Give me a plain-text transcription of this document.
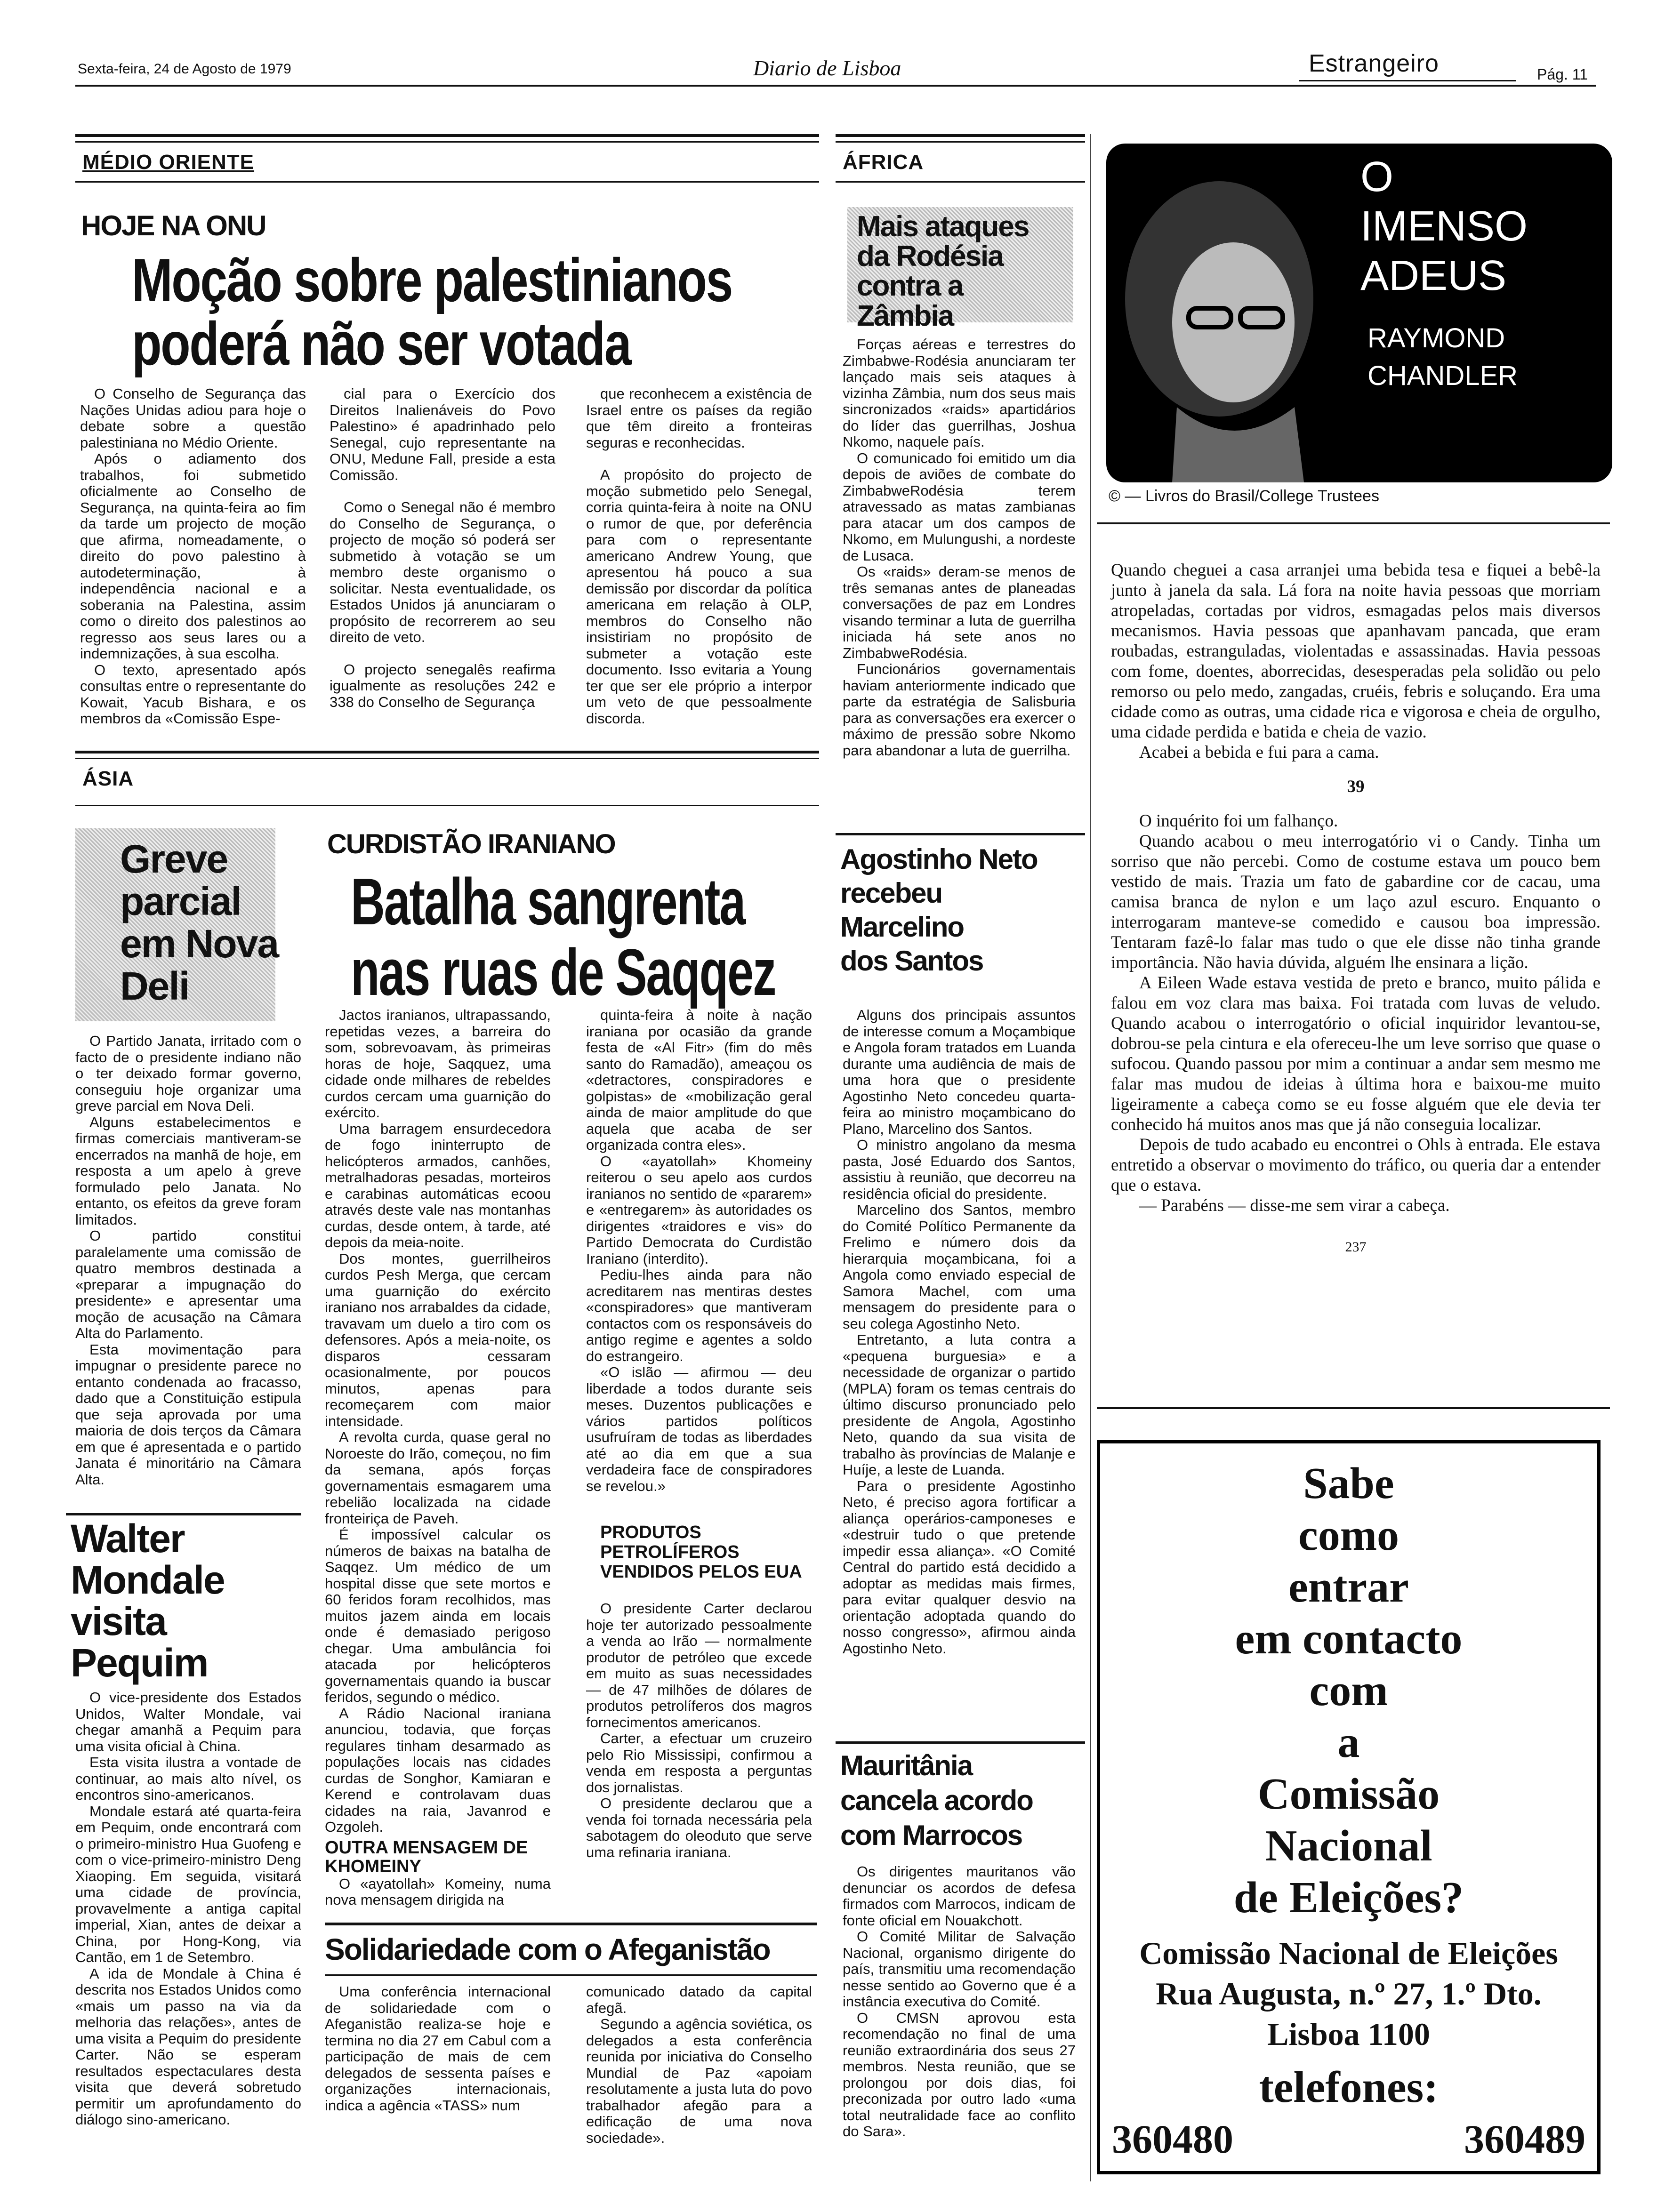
Sexta-feira, 24 de Agosto de 1979	Diario de Lisboa	Estrangeiro	Pág. 11
MÉDIO ORIENTE
HOJE NA ONU
Moção sobre palestinianos
poderá não ser votada

O Conselho de Segurança das Nações Unidas adiou para hoje o debate sobre a questão palestiniana no Médio Oriente.

Após o adiamento dos trabalhos, foi submetido oficialmente ao Conselho de Segurança, na quinta-feira ao fim da tarde um projecto de moção que afirma, nomeadamente, o direito do povo palestino à autodeterminação, à independência nacional e a soberania na Palestina, assim como o direito dos palestinos ao regresso aos seus lares ou a indemnizações, à sua escolha.

O texto, apresentado após consultas entre o representante do Kowait, Yacub Bishara, e os membros da «Comissão Espe-

cial para o Exercício dos Direitos Inalienáveis do Povo Palestino» é apadrinhado pelo Senegal, cujo representante na ONU, Medune Fall, preside a esta Comissão.

Como o Senegal não é membro do Conselho de Segurança, o projecto de moção só poderá ser submetido à votação se um membro deste organismo o solicitar. Nesta eventualidade, os Estados Unidos já anunciaram o propósito de recorrerem ao seu direito de veto.

O projecto senegalês reafirma igualmente as resoluções 242 e 338 do Conselho de Segurança

que reconhecem a existência de Israel entre os países da região que têm direito a fronteiras seguras e reconhecidas.

A propósito do projecto de moção submetido pelo Senegal, corria quinta-feira à noite na ONU o rumor de que, por deferência para com o representante americano Andrew Young, que apresentou há pouco a sua demissão por discordar da política americana em relação à OLP, membros do Conselho não insistiriam no propósito de submeter a votação este documento. Isso evitaria a Young ter que ser ele próprio a interpor um veto de que pessoalmente discorda.

ÁFRICA
Mais ataques da Rodésia contra a Zâmbia

Forças aéreas e terrestres do Zimbabwe-Rodésia anunciaram ter lançado mais seis ataques à vizinha Zâmbia, num dos seus mais sincronizados «raids» apartidários do líder das guerrilhas, Joshua Nkomo, naquele país.

O comunicado foi emitido um dia depois de aviões de combate do ZimbabweRodésia terem atravessado as matas zambianas para atacar um dos campos de Nkomo, em Mulungushi, a nordeste de Lusaca.

Os «raids» deram-se menos de três semanas antes de planeadas conversações de paz em Londres visando terminar a luta de guerrilha iniciada há sete anos no ZimbabweRodésia.

Funcionários governamentais haviam anteriormente indicado que parte da estratégia de Salisburia para as conversações era exercer o máximo de pressão sobre Nkomo para abandonar a luta de guerrilha.

O
IMENSO
ADEUS
RAYMOND
CHANDLER
© — Livros do Brasil/College Trustees

Quando cheguei a casa arranjei uma bebida tesa e fiquei a bebê-la junto à janela da sala. Lá fora na noite havia pessoas que morriam atropeladas, cortadas por vidros, esmagadas pelos mais diversos mecanismos. Havia pessoas que apanhavam pancada, que eram roubadas, estranguladas, violentadas e assassinadas. Havia pessoas com fome, doentes, aborrecidas, desesperadas pela solidão ou pelo remorso ou pelo medo, zangadas, cruéis, febris e soluçando. Era uma cidade como as outras, uma cidade rica e vigorosa e cheia de orgulho, uma cidade perdida e batida e cheia de vazio.

Acabei a bebida e fui para a cama.

39

O inquérito foi um falhanço.

Quando acabou o meu interrogatório vi o Candy. Tinha um sorriso que não percebi. Como de costume estava um pouco bem vestido de mais. Trazia um fato de gabardine cor de cacau, uma camisa branca de nylon e um laço azul escuro. Enquanto o interrogaram manteve-se comedido e causou boa impressão. Tentaram fazê-lo falar mas tudo o que ele disse não tinha grande importância. Não havia dúvida, alguém lhe ensinara a lição.

A Eileen Wade estava vestida de preto e branco, muito pálida e falou em voz clara mas baixa. Foi tratada com luvas de veludo. Quando acabou o interrogatório o oficial inquiridor levantou-se, dobrou-se pela cintura e ela ofereceu-lhe um leve sorriso que quase o sufocou. Quando passou por mim a continuar a andar sem mesmo me falar mas mudou de ideias à última hora e baixou-me muito ligeiramente a cabeça como se eu fosse alguém que ele devia ter conhecido há muitos anos mas que já não conseguia localizar.

Depois de tudo acabado eu encontrei o Ohls à entrada. Ele estava entretido a observar o movimento do tráfico, ou queria dar a entender que o estava.

— Parabéns — disse-me sem virar a cabeça.

237

Sabe
como
entrar
em contacto
com
a
Comissão
Nacional
de Eleições?
Comissão Nacional de Eleições
Rua Augusta, n.º 27, 1.º Dto.
Lisboa 1100
telefones:
360480	360489
ÁSIA
Greve
parcial
em Nova
Deli

O Partido Janata, irritado com o facto de o presidente indiano não o ter deixado formar governo, conseguiu hoje organizar uma greve parcial em Nova Deli.

Alguns estabelecimentos e firmas comerciais mantiveram-se encerrados na manhã de hoje, em resposta a um apelo à greve formulado pelo Janata. No entanto, os efeitos da greve foram limitados.

O partido constitui paralelamente uma comissão de quatro membros destinada a «preparar a impugnação do presidente» e apresentar uma moção de acusação na Câmara Alta do Parlamento.

Esta movimentação para impugnar o presidente parece no entanto condenada ao fracasso, dado que a Constituição estipula que seja aprovada por uma maioria de dois terços da Câmara em que é apresentada e o partido Janata é minoritário na Câmara Alta.

Walter
Mondale
visita
Pequim

O vice-presidente dos Estados Unidos, Walter Mondale, vai chegar amanhã a Pequim para uma visita oficial à China.

Esta visita ilustra a vontade de continuar, ao mais alto nível, os encontros sino-americanos.

Mondale estará até quarta-feira em Pequim, onde encontrará com o primeiro-ministro Hua Guofeng e com o vice-primeiro-ministro Deng Xiaoping. Em seguida, visitará uma cidade de província, provavelmente a antiga capital imperial, Xian, antes de deixar a China, por Hong-Kong, via Cantão, em 1 de Setembro.

A ida de Mondale à China é descrita nos Estados Unidos como «mais um passo na via da melhoria das relações», antes de uma visita a Pequim do presidente Carter. Não se esperam resultados espectaculares desta visita que deverá sobretudo permitir um aprofundamento do diálogo sino-americano.

CURDISTÃO IRANIANO
Batalha sangrenta
nas ruas de Saqqez

Jactos iranianos, ultrapassando, repetidas vezes, a barreira do som, sobrevoavam, às primeiras horas de hoje, Saqquez, uma cidade onde milhares de rebeldes curdos cercam uma guarnição do exército.

Uma barragem ensurdecedora de fogo ininterrupto de helicópteros armados, canhões, metralhadoras pesadas, morteiros e carabinas automáticas ecoou através deste vale nas montanhas curdas, desde ontem, à tarde, até depois da meia-noite.

Dos montes, guerrilheiros curdos Pesh Merga, que cercam uma guarnição do exército iraniano nos arrabaldes da cidade, travavam um duelo a tiro com os defensores. Após a meia-noite, os disparos cessaram ocasionalmente, por poucos minutos, apenas para recomeçarem com maior intensidade.

A revolta curda, quase geral no Noroeste do Irão, começou, no fim da semana, após forças governamentais esmagarem uma rebelião localizada na cidade fronteiriça de Paveh.

É impossível calcular os números de baixas na batalha de Saqqez. Um médico de um hospital disse que sete mortos e 60 feridos foram recolhidos, mas muitos jazem ainda em locais onde é demasiado perigoso chegar. Uma ambulância foi atacada por helicópteros governamentais quando ia buscar feridos, segundo o médico.

A Rádio Nacional iraniana anunciou, todavia, que forças regulares tinham desarmado as populações locais nas cidades curdas de Songhor, Kamiaran e Kerend e controlavam duas cidades na raia, Javanrod e Ozgoleh.

OUTRA MENSAGEM DE KHOMEINY

O «ayatollah» Komeiny, numa nova mensagem dirigida na

quinta-feira à noite à nação iraniana por ocasião da grande festa de «Al Fitr» (fim do mês santo do Ramadão), ameaçou os «detractores, conspiradores e golpistas» de «mobilização geral ainda de maior amplitude do que aquela que acaba de ser organizada contra eles».

O «ayatollah» Khomeiny reiterou o seu apelo aos curdos iranianos no sentido de «pararem» e «entregarem» às autoridades os dirigentes «traidores e vis» do Partido Democrata do Curdistão Iraniano (interdito).

Pediu-lhes ainda para não acreditarem nas mentiras destes «conspiradores» que mantiveram contactos com os responsáveis do antigo regime e agentes a soldo do estrangeiro.

«O islão — afirmou — deu liberdade a todos durante seis meses. Duzentos publicações e vários partidos políticos usufruíram de todas as liberdades até ao dia em que a sua verdadeira face de conspiradores se revelou.»

PRODUTOS PETROLÍFEROS VENDIDOS PELOS EUA

O presidente Carter declarou hoje ter autorizado pessoalmente a venda ao Irão — normalmente produtor de petróleo que excede em muito as suas necessidades — de 47 milhões de dólares de produtos petrolíferos dos magros fornecimentos americanos.

Carter, a efectuar um cruzeiro pelo Rio Mississipi, confirmou a venda em resposta a perguntas dos jornalistas.

O presidente declarou que a venda foi tornada necessária pela sabotagem do oleoduto que serve uma refinaria iraniana.

Agostinho Neto
recebeu
Marcelino
dos Santos

Alguns dos principais assuntos de interesse comum a Moçambique e Angola foram tratados em Luanda durante uma audiência de mais de uma hora que o presidente Agostinho Neto concedeu quarta-feira ao ministro moçambicano do Plano, Marcelino dos Santos.

O ministro angolano da mesma pasta, José Eduardo dos Santos, assistiu à reunião, que decorreu na residência oficial do presidente.

Marcelino dos Santos, membro do Comité Político Permanente da Frelimo e número dois da hierarquia moçambicana, foi a Angola como enviado especial de Samora Machel, com uma mensagem do presidente para o seu colega Agostinho Neto.

Entretanto, a luta contra a «pequena burguesia» e a necessidade de organizar o partido (MPLA) foram os temas centrais do último discurso pronunciado pelo presidente de Angola, Agostinho Neto, quando da sua visita de trabalho às províncias de Malanje e Huíje, a leste de Luanda.

Para o presidente Agostinho Neto, é preciso agora fortificar a aliança operários-camponeses e «destruir tudo o que pretende impedir essa aliança». «O Comité Central do partido está decidido a adoptar as medidas mais firmes, para evitar qualquer desvio na orientação adoptada quando do nosso congresso», afirmou ainda Agostinho Neto.

Mauritânia
cancela acordo
com Marrocos

Os dirigentes mauritanos vão denunciar os acordos de defesa firmados com Marrocos, indicam de fonte oficial em Nouakchott.

O Comité Militar de Salvação Nacional, organismo dirigente do país, transmitiu uma recomendação nesse sentido ao Governo que é a instância executiva do Comité.

O CMSN aprovou esta recomendação no final de uma reunião extraordinária dos seus 27 membros. Nesta reunião, que se prolongou por dois dias, foi preconizada por outro lado «uma total neutralidade face ao conflito do Sara».

Solidariedade com o Afeganistão

Uma conferência internacional de solidariedade com o Afeganistão realiza-se hoje e termina no dia 27 em Cabul com a participação de mais de cem delegados de sessenta países e organizações internacionais, indica a agência «TASS» num

comunicado datado da capital afegã.

Segundo a agência soviética, os delegados a esta conferência reunida por iniciativa do Conselho Mundial de Paz «apoiam resolutamente a justa luta do povo trabalhador afegão para a edificação de uma nova sociedade».
